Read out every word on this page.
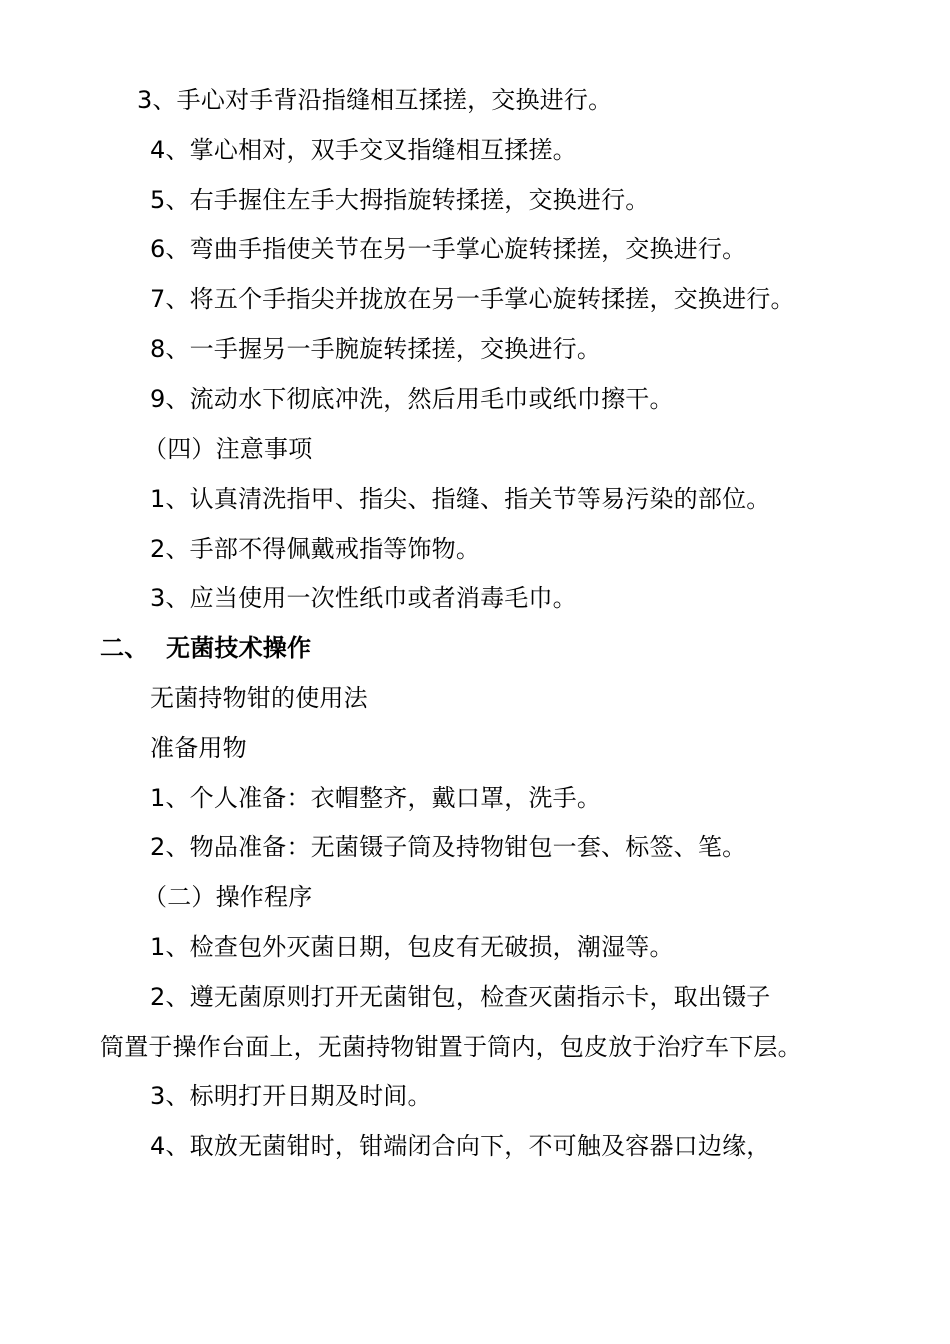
3、手心对手背沿指缝相互揉搓，交换进行。
4、掌心相对，双手交叉指缝相互揉搓。
5、右手握住左手大拇指旋转揉搓，交换进行。
6、弯曲手指使关节在另一手掌心旋转揉搓，交换进行。
7、将五个手指尖并拢放在另一手掌心旋转揉搓，交换进行。
8、一手握另一手腕旋转揉搓，交换进行。
9、流动水下彻底冲洗，然后用毛巾或纸巾擦干。
（四）注意事项
1、认真清洗指甲、指尖、指缝、指关节等易污染的部位。
2、手部不得佩戴戒指等饰物。
3、应当使用一次性纸巾或者消毒毛巾。
二、 无菌技术操作
无菌持物钳的使用法
准备用物
1、个人准备：衣帽整齐，戴口罩，洗手。
2、物品准备：无菌镊子筒及持物钳包一套、标签、笔。
（二）操作程序
1、检查包外灭菌日期，包皮有无破损，潮湿等。
2、遵无菌原则打开无菌钳包，检查灭菌指示卡，取出镊子
筒置于操作台面上，无菌持物钳置于筒内，包皮放于治疗车下层。
3、标明打开日期及时间。
4、取放无菌钳时，钳端闭合向下，不可触及容器口边缘，
